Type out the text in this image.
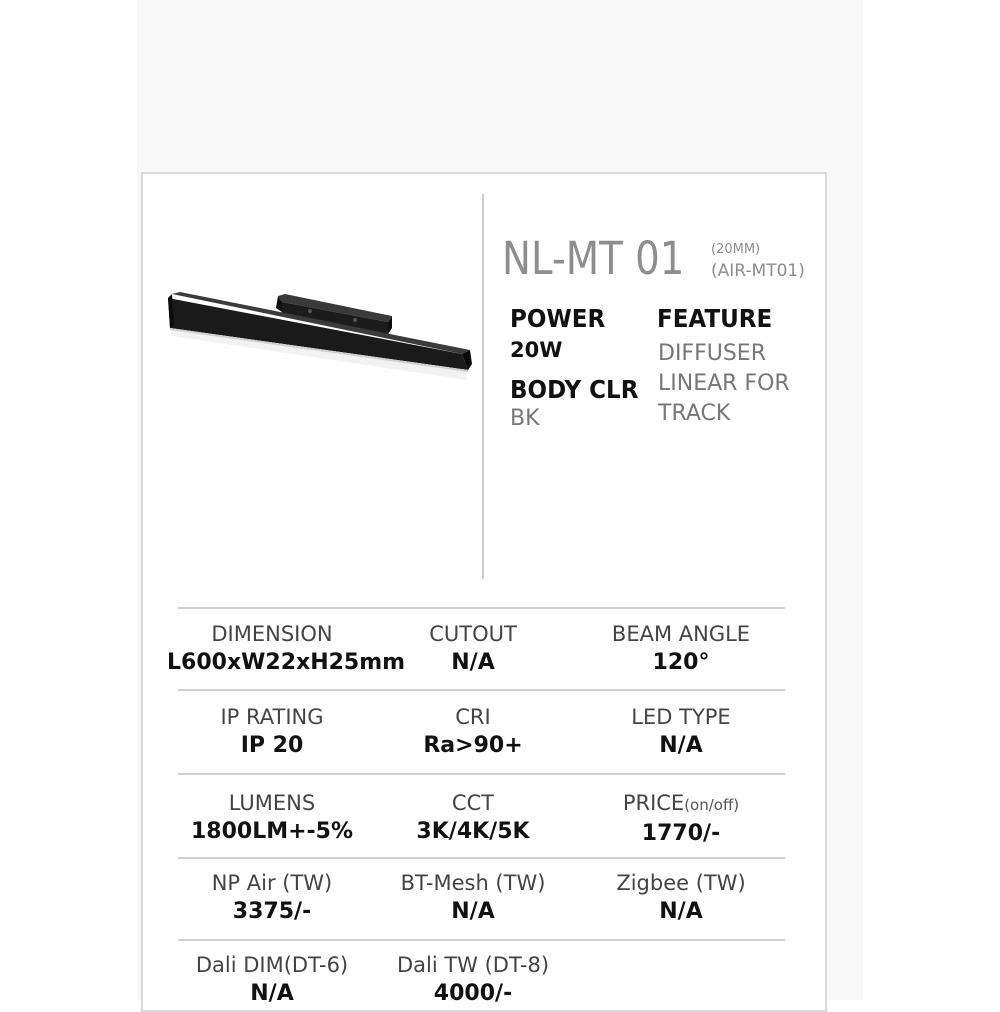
NL-MT 01 (20MM)
(AIR-MT01)
POWER
20W
BODY CLR
BK
FEATURE
DIFFUSER
LINEAR FOR
TRACK
DIMENSION
L600xW22xH25mm
CUTOUT
N/A
BEAM ANGLE
120°
IP RATING
IP 20
CRI
Ra>90+
LED TYPE
N/A
LUMENS
1800LM+-5%
CCT
3K/4K/5K
PRICE(on/off)
1770/-
NP Air (TW)
3375/-
BT-Mesh (TW)
N/A
Zigbee (TW)
N/A
Dali DIM(DT-6)
N/A
Dali TW (DT-8)
4000/-
